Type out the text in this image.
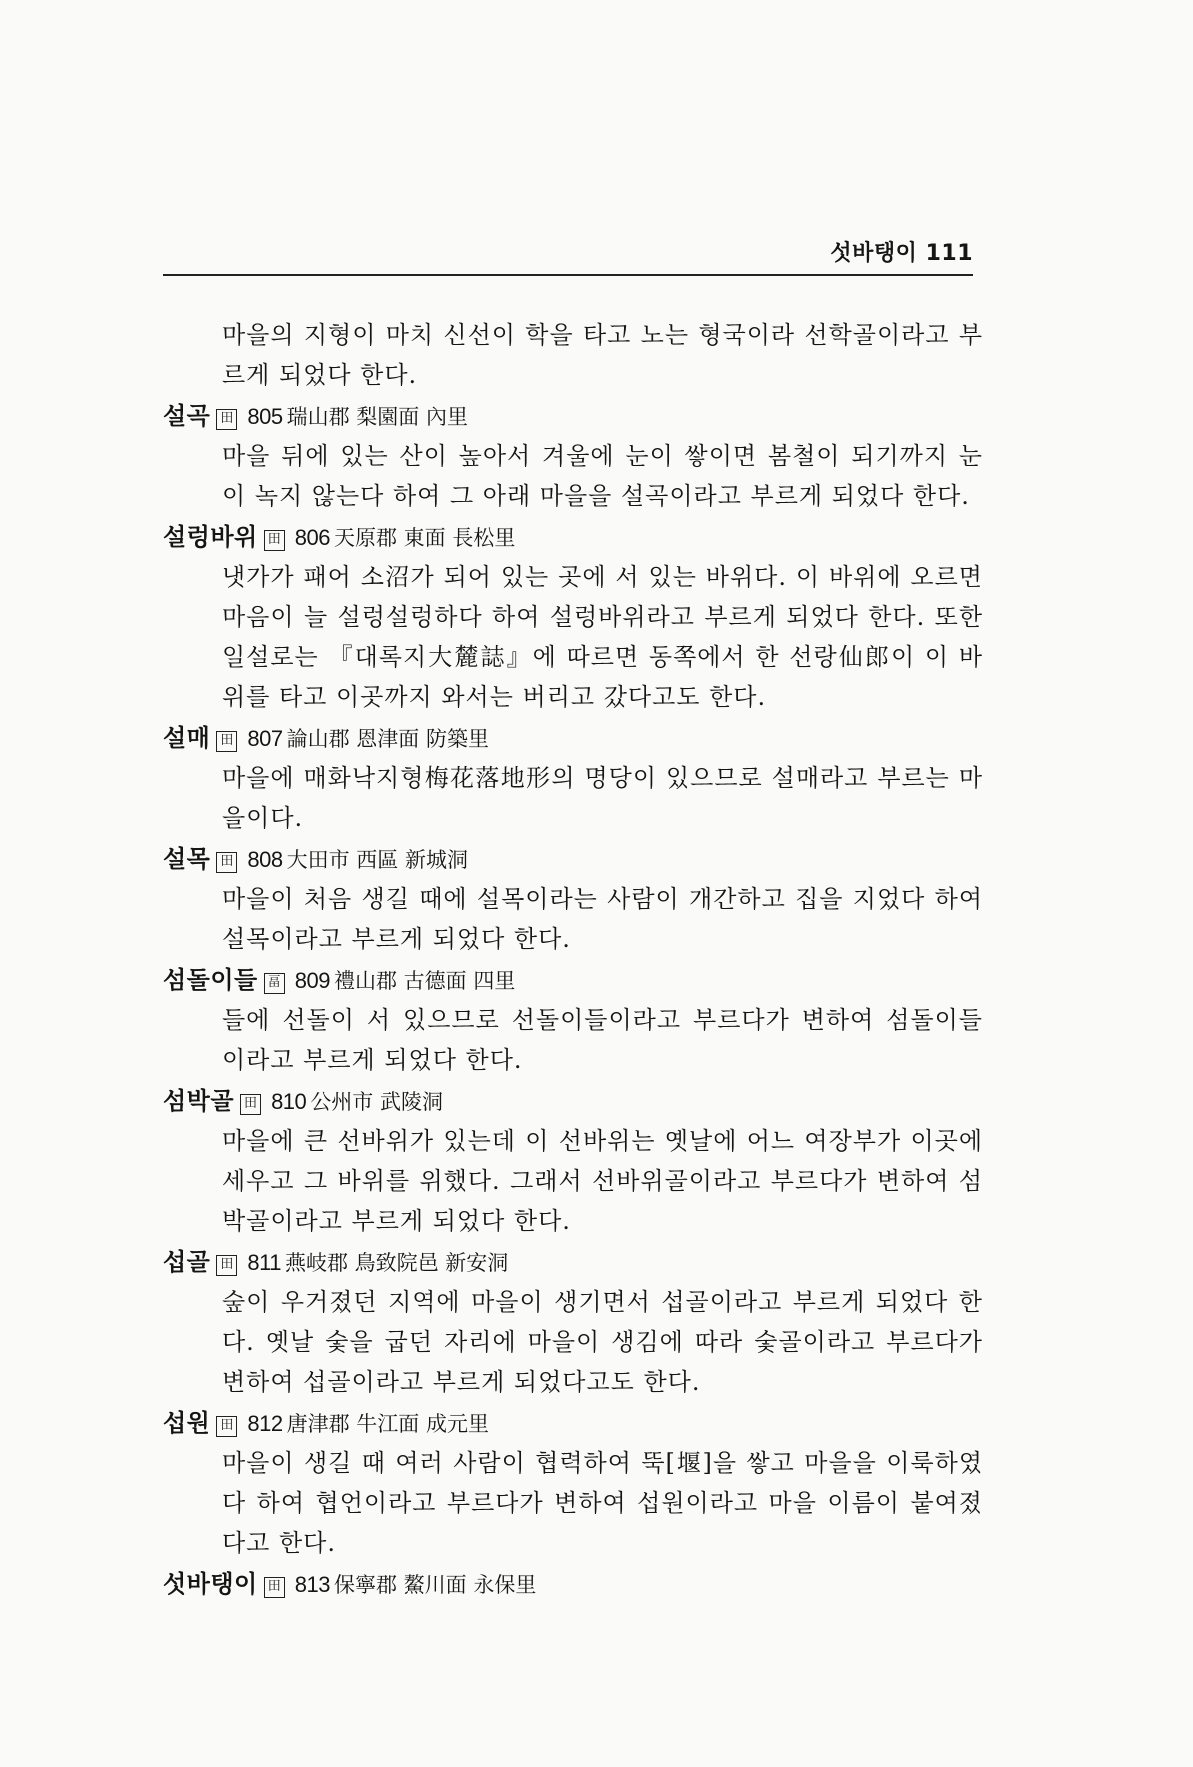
섯바탱이 111

마을의 지형이 마치 신선이 학을 타고 노는 형국이라 선학골이라고 부르게 되었다 한다.

설곡 田 805 瑞山郡 梨園面 內里

마을 뒤에 있는 산이 높아서 겨울에 눈이 쌓이면 봄철이 되기까지 눈이 녹지 않는다 하여 그 아래 마을을 설곡이라고 부르게 되었다 한다.

설렁바위 田 806 天原郡 東面 長松里

냇가가 패어 소沼가 되어 있는 곳에 서 있는 바위다. 이 바위에 오르면 마음이 늘 설렁설렁하다 하여 설렁바위라고 부르게 되었다 한다. 또한 일설로는 『대록지大麓誌』에 따르면 동쪽에서 한 선랑仙郎이 이 바위를 타고 이곳까지 와서는 버리고 갔다고도 한다.

설매 田 807 論山郡 恩津面 防築里

마을에 매화낙지형梅花落地形의 명당이 있으므로 설매라고 부르는 마을이다.

설목 田 808 大田市 西區 新城洞

마을이 처음 생길 때에 설목이라는 사람이 개간하고 집을 지었다 하여 설목이라고 부르게 되었다 한다.

섬돌이들 畐 809 禮山郡 古德面 四里

들에 선돌이 서 있으므로 선돌이들이라고 부르다가 변하여 섬돌이들이라고 부르게 되었다 한다.

섬박골 田 810 公州市 武陵洞

마을에 큰 선바위가 있는데 이 선바위는 옛날에 어느 여장부가 이곳에 세우고 그 바위를 위했다. 그래서 선바위골이라고 부르다가 변하여 섬박골이라고 부르게 되었다 한다.

섭골 田 811 燕岐郡 鳥致院邑 新安洞

숲이 우거졌던 지역에 마을이 생기면서 섭골이라고 부르게 되었다 한다. 옛날 숯을 굽던 자리에 마을이 생김에 따라 숯골이라고 부르다가 변하여 섭골이라고 부르게 되었다고도 한다.

섭원 田 812 唐津郡 牛江面 成元里

마을이 생길 때 여러 사람이 협력하여 뚝[堰]을 쌓고 마을을 이룩하였다 하여 협언이라고 부르다가 변하여 섭원이라고 마을 이름이 붙여졌다고 한다.

섯바탱이 田 813 保寧郡 鰲川面 永保里
